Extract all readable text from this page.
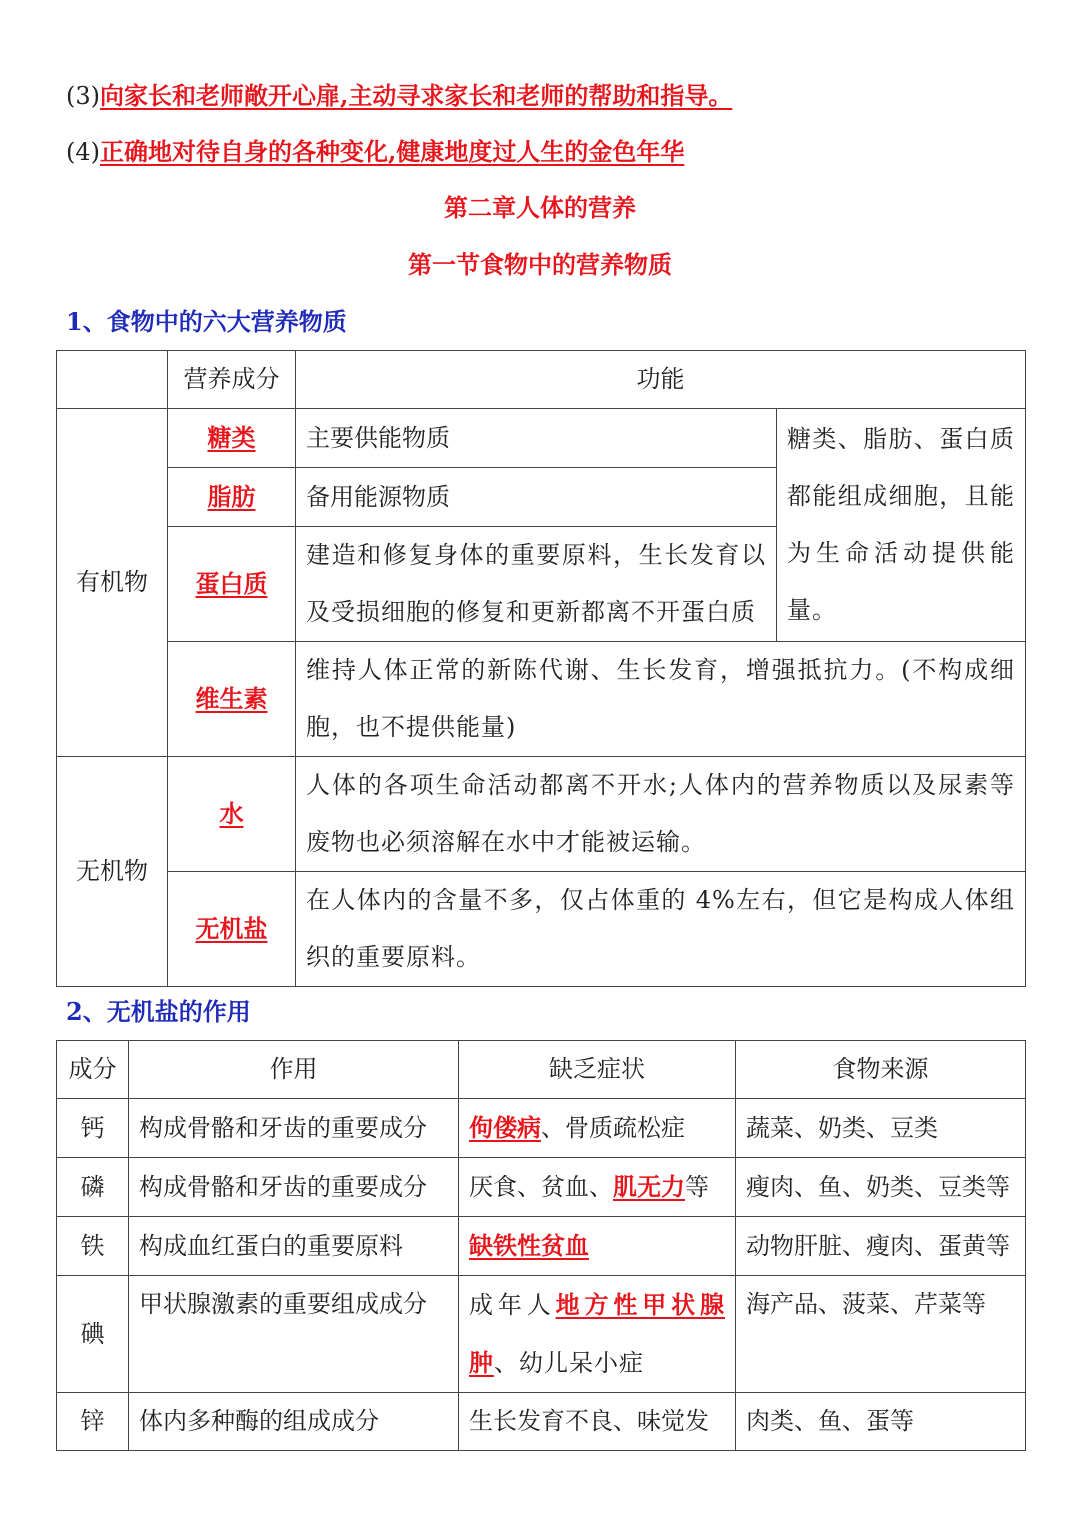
(3)向家长和老师敞开心扉,主动寻求家长和老师的帮助和指导。
(4)正确地对待自身的各种变化,健康地度过人生的金色年华
第二章人体的营养
第一节食物中的营养物质
1、食物中的六大营养物质
	营养成分	功能	
有机物	糖类	主要供能物质	糖类、脂肪、蛋白质都能组成细胞，且能为生命活动提供能量。
	脂肪	备用能源物质	
	蛋白质	建造和修复身体的重要原料，生长发育以及受损细胞的修复和更新都离不开蛋白质	
	维生素	维持人体正常的新陈代谢、生长发育，增强抵抗力。(不构成细胞，也不提供能量)	
无机物	水	人体的各项生命活动都离不开水;人体内的营养物质以及尿素等废物也必须溶解在水中才能被运输。	
	无机盐	在人体内的含量不多，仅占体重的 4%左右，但它是构成人体组织的重要原料。	
2、无机盐的作用
成分	作用	缺乏症状	食物来源
钙	构成骨骼和牙齿的重要成分	佝偻病、骨质疏松症	蔬菜、奶类、豆类
磷	构成骨骼和牙齿的重要成分	厌食、贫血、肌无力等	瘦肉、鱼、奶类、豆类等
铁	构成血红蛋白的重要原料	缺铁性贫血	动物肝脏、瘦肉、蛋黄等
碘	甲状腺激素的重要组成成分	成年人地方性甲状腺肿、幼儿呆小症	海产品、菠菜、芹菜等
锌	体内多种酶的组成成分	生长发育不良、味觉发	肉类、鱼、蛋等
